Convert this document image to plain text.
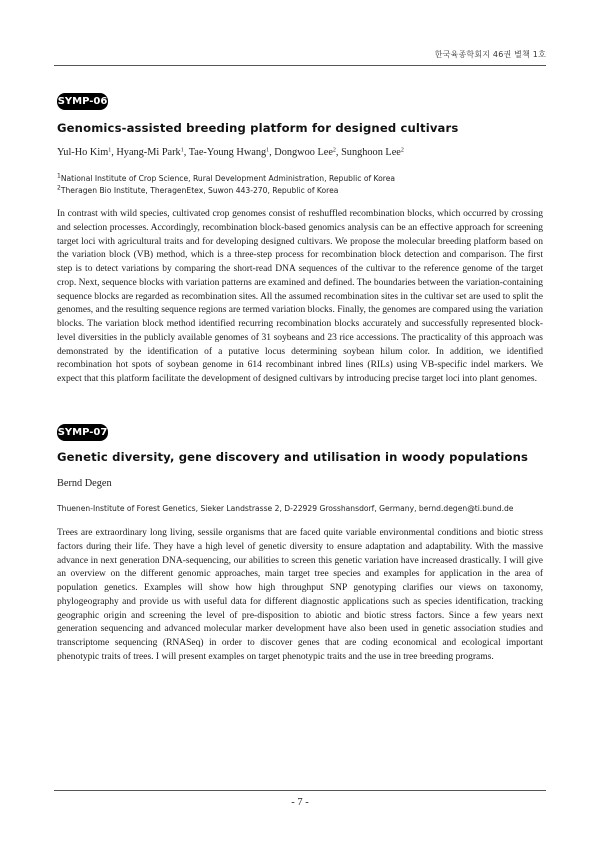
한국육종학회지 46권 별책 1호
SYMP-06
Genomics-assisted breeding platform for designed cultivars
Yul-Ho Kim$^1$, Hyang-Mi Park$^1$, Tae-Young Hwang$^1$, Dongwoo Lee$^2$, Sunghoon Lee$^2$
$^1$National Institute of Crop Science, Rural Development Administration, Republic of Korea
$^2$Theragen Bio Institute, TheragenEtex, Suwon 443-270, Republic of Korea

In contrast with wild species, cultivated crop genomes consist of reshuffled recombination blocks, which occurred by crossing and selection processes. Accordingly, recombination block-based genomics analysis can be an effective approach for screening target loci with agricultural traits and for developing designed cultivars. We propose the molecular breeding platform based on the variation block (VB) method, which is a three-step process for recombination block detection and comparison. The first step is to detect variations by comparing the short-read DNA sequences of the cultivar to the reference genome of the target crop. Next, sequence blocks with variation patterns are examined and defined. The boundaries between the variation-containing sequence blocks are regarded as recombination sites. All the assumed recombination sites in the cultivar set are used to split the genomes, and the resulting sequence regions are termed variation blocks. Finally, the genomes are compared using the variation blocks. The variation block method identified recurring recombination blocks accurately and successfully represented block-level diversities in the publicly available genomes of 31 soybeans and 23 rice accessions. The practicality of this approach was demonstrated by the identification of a putative locus determining soybean hilum color. In addition, we identified recombination hot spots of soybean genome in 614 recombinant inbred lines (RILs) using VB-specific indel markers. We expect that this platform facilitate the development of designed cultivars by introducing precise target loci into plant genomes.

SYMP-07
Genetic diversity, gene discovery and utilisation in woody populations
Bernd Degen
Thuenen-Institute of Forest Genetics, Sieker Landstrasse 2, D-22929 Grosshansdorf, Germany, bernd.degen@ti.bund.de

Trees are extraordinary long living, sessile organisms that are faced quite variable environmental conditions and biotic stress factors during their life. They have a high level of genetic diversity to ensure adaptation and adaptability. With the massive advance in next generation DNA-sequencing, our abilities to screen this genetic variation have increased drastically. I will give an overview on the different genomic approaches, main target tree species and examples for application in the area of population genetics. Examples will show how high throughput SNP genotyping clarifies our views on taxonomy, phylogeography and provide us with useful data for different diagnostic applications such as species identification, tracking geographic origin and screening the level of pre-disposition to abiotic and biotic stress factors. Since a few years next generation sequencing and advanced molecular marker development have also been used in genetic association studies and transcriptome sequencing (RNASeq) in order to discover genes that are coding economical and ecological important phenotypic traits of trees. I will present examples on target phenotypic traits and the use in tree breeding programs.

- 7 -
